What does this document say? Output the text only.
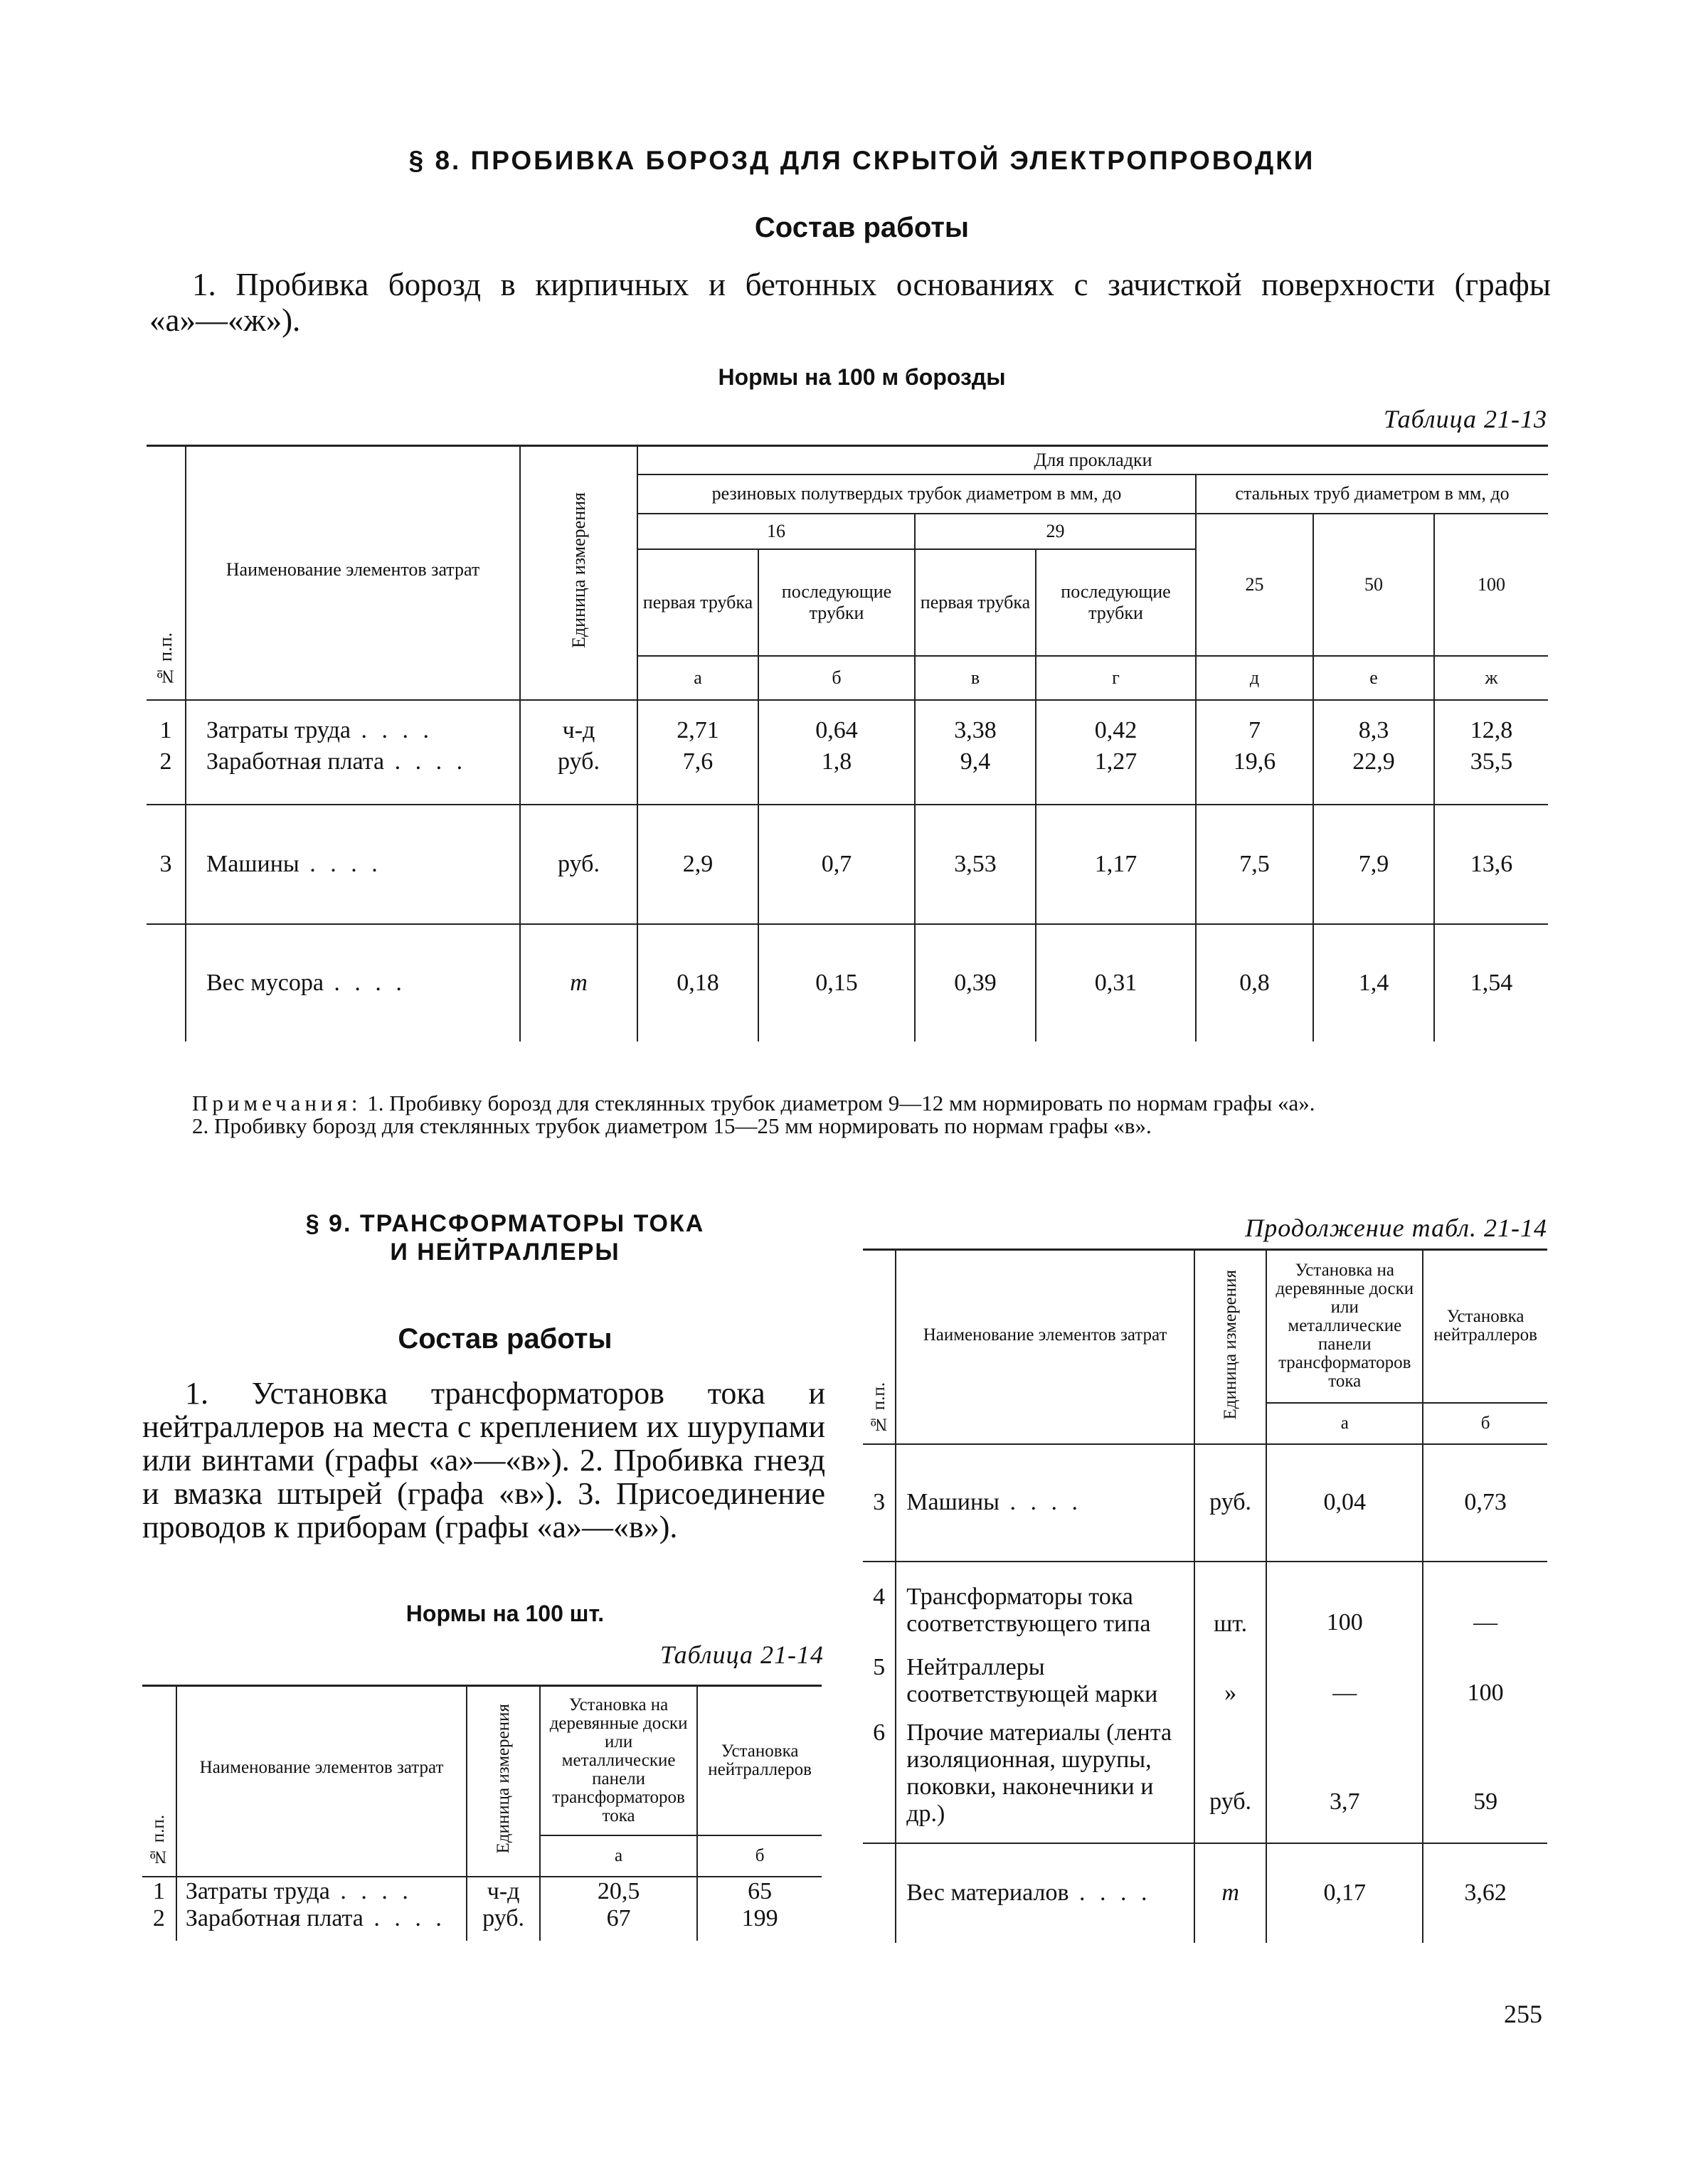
§ 8. ПРОБИВКА БОРОЗД ДЛЯ СКРЫТОЙ ЭЛЕКТРОПРОВОДКИ
Состав работы
1. Пробивка борозд в кирпичных и бетонных основаниях с зачисткой поверхности (графы «а»—«ж»).
Нормы на 100 м борозды
Таблица 21-13
№ п.п.	Наименование элементов затрат	Единица измерения	Для прокладки						
			резиновых полутвердых трубок диаметром в мм, до				стальных труб диаметром в мм, до		
			16		29		25	50	100
			первая трубка	последующие трубки	первая трубка	последующие трубки			
			а	б	в	г	д	е	ж
1	Затраты труда . . . .	ч-д	2,71	0,64	3,38	0,42	7	8,3	12,8
2	Заработная плата . . . .	руб.	7,6	1,8	9,4	1,27	19,6	22,9	35,5
3	Машины . . . .	руб.	2,9	0,7	3,53	1,17	7,5	7,9	13,6
	Вес мусора . . . .	т	0,18	0,15	0,39	0,31	0,8	1,4	1,54
Примечания: 1. Пробивку борозд для стеклянных трубок диаметром 9—12 мм нормировать по нормам графы «а».
2. Пробивку борозд для стеклянных трубок диаметром 15—25 мм нормировать по нормам графы «в».
§ 9. ТРАНСФОРМАТОРЫ ТОКА
И НЕЙТРАЛЛЕРЫ
Состав работы
1. Установка трансформаторов тока и нейтраллеров на места с креплением их шурупами или винтами (графы «а»—«в»). 2. Пробивка гнезд и вмазка штырей (графа «в»). 3. Присоединение проводов к приборам (графы «а»—«в»).
Нормы на 100 шт.
Таблица 21-14
№ п.п.	Наименование элементов затрат	Единица измерения	Установка на деревянные доски или металлические панели трансформаторов тока	Установка нейтраллеров
			а	б
1	Затраты труда . . . .	ч-д	20,5	65
2	Заработная плата . . . .	руб.	67	199
Продолжение табл. 21-14
№ п.п.	Наименование элементов затрат	Единица измерения	Установка на деревянные доски или металлические панели трансформаторов тока	Установка нейтраллеров
			а	б
3	Машины . . . .	руб.	0,04	0,73
4	Трансформаторы тока соответствующего типа	шт.	100	—
5	Нейтраллеры соответствующей марки	»	—	100
6	Прочие материалы (лента изоляционная, шурупы, поковки, наконечники и др.)	руб.	3,7	59
	Вес материалов . . . .	т	0,17	3,62
255
